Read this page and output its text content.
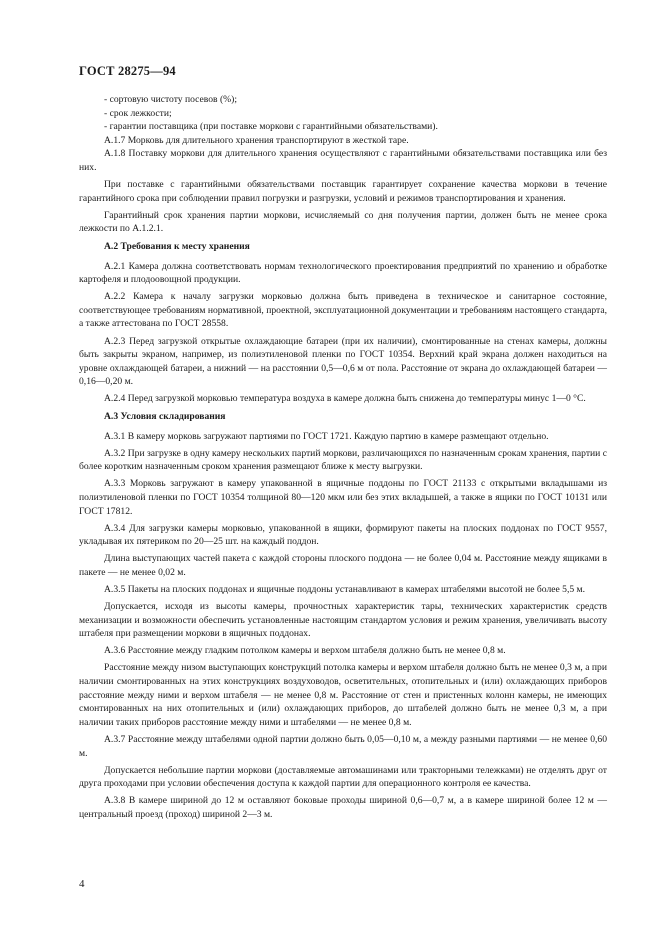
ГОСТ 28275—94

- сортовую чистоту посевов (%);

- срок лежкости;

- гарантии поставщика (при поставке моркови с гарантийными обязательствами).

А.1.7 Морковь для длительного хранения транспортируют в жесткой таре.

А.1.8 Поставку моркови для длительного хранения осуществляют с гарантийными обязательствами поставщика или без них.

При поставке с гарантийными обязательствами поставщик гарантирует сохранение качества моркови в течение гарантийного срока при соблюдении правил погрузки и разгрузки, условий и режимов транспортирования и хранения.

Гарантийный срок хранения партии моркови, исчисляемый со дня получения партии, должен быть не менее срока лежкости по А.1.2.1.

А.2 Требования к месту хранения

А.2.1 Камера должна соответствовать нормам технологического проектирования предприятий по хранению и обработке картофеля и плодоовощной продукции.

А.2.2 Камера к началу загрузки морковью должна быть приведена в техническое и санитарное состояние, соответствующее требованиям нормативной, проектной, эксплуатационной документации и требованиям настоящего стандарта, а также аттестована по ГОСТ 28558.

А.2.3 Перед загрузкой открытые охлаждающие батареи (при их наличии), смонтированные на стенах камеры, должны быть закрыты экраном, например, из полиэтиленовой пленки по ГОСТ 10354. Верхний край экрана должен находиться на уровне охлаждающей батареи, а нижний — на расстоянии 0,5—0,6 м от пола. Расстояние от экрана до охлаждающей батареи — 0,16—0,20 м.

А.2.4 Перед загрузкой морковью температура воздуха в камере должна быть снижена до температуры минус 1—0 °С.

А.3 Условия складирования

А.3.1 В камеру морковь загружают партиями по ГОСТ 1721. Каждую партию в камере размещают отдельно.

А.3.2 При загрузке в одну камеру нескольких партий моркови, различающихся по назначенным срокам хранения, партии с более коротким назначенным сроком хранения размещают ближе к месту выгрузки.

А.3.3 Морковь загружают в камеру упакованной в ящичные поддоны по ГОСТ 21133 с открытыми вкладышами из полиэтиленовой пленки по ГОСТ 10354 толщиной 80—120 мкм или без этих вкладышей, а также в ящики по ГОСТ 10131 или ГОСТ 17812.

А.3.4 Для загрузки камеры морковью, упакованной в ящики, формируют пакеты на плоских поддонах по ГОСТ 9557, укладывая их пятериком по 20—25 шт. на каждый поддон.

Длина выступающих частей пакета с каждой стороны плоского поддона — не более 0,04 м. Расстояние между ящиками в пакете — не менее 0,02 м.

А.3.5 Пакеты на плоских поддонах и ящичные поддоны устанавливают в камерах штабелями высотой не более 5,5 м.

Допускается, исходя из высоты камеры, прочностных характеристик тары, технических характеристик средств механизации и возможности обеспечить установленные настоящим стандартом условия и режим хранения, увеличивать высоту штабеля при размещении моркови в ящичных поддонах.

А.3.6 Расстояние между гладким потолком камеры и верхом штабеля должно быть не менее 0,8 м.

Расстояние между низом выступающих конструкций потолка камеры и верхом штабеля должно быть не менее 0,3 м, а при наличии смонтированных на этих конструкциях воздуховодов, осветительных, отопительных и (или) охлаждающих приборов расстояние между ними и верхом штабеля — не менее 0,8 м. Расстояние от стен и пристенных колонн камеры, не имеющих смонтированных на них отопительных и (или) охлаждающих приборов, до штабелей должно быть не менее 0,3 м, а при наличии таких приборов расстояние между ними и штабелями — не менее 0,8 м.

А.3.7 Расстояние между штабелями одной партии должно быть 0,05—0,10 м, а между разными партиями — не менее 0,60 м.

Допускается небольшие партии моркови (доставляемые автомашинами или тракторными тележками) не отделять друг от друга проходами при условии обеспечения доступа к каждой партии для операционного контроля ее качества.

А.3.8 В камере шириной до 12 м оставляют боковые проходы шириной 0,6—0,7 м, а в камере шириной более 12 м — центральный проезд (проход) шириной 2—3 м.

4
